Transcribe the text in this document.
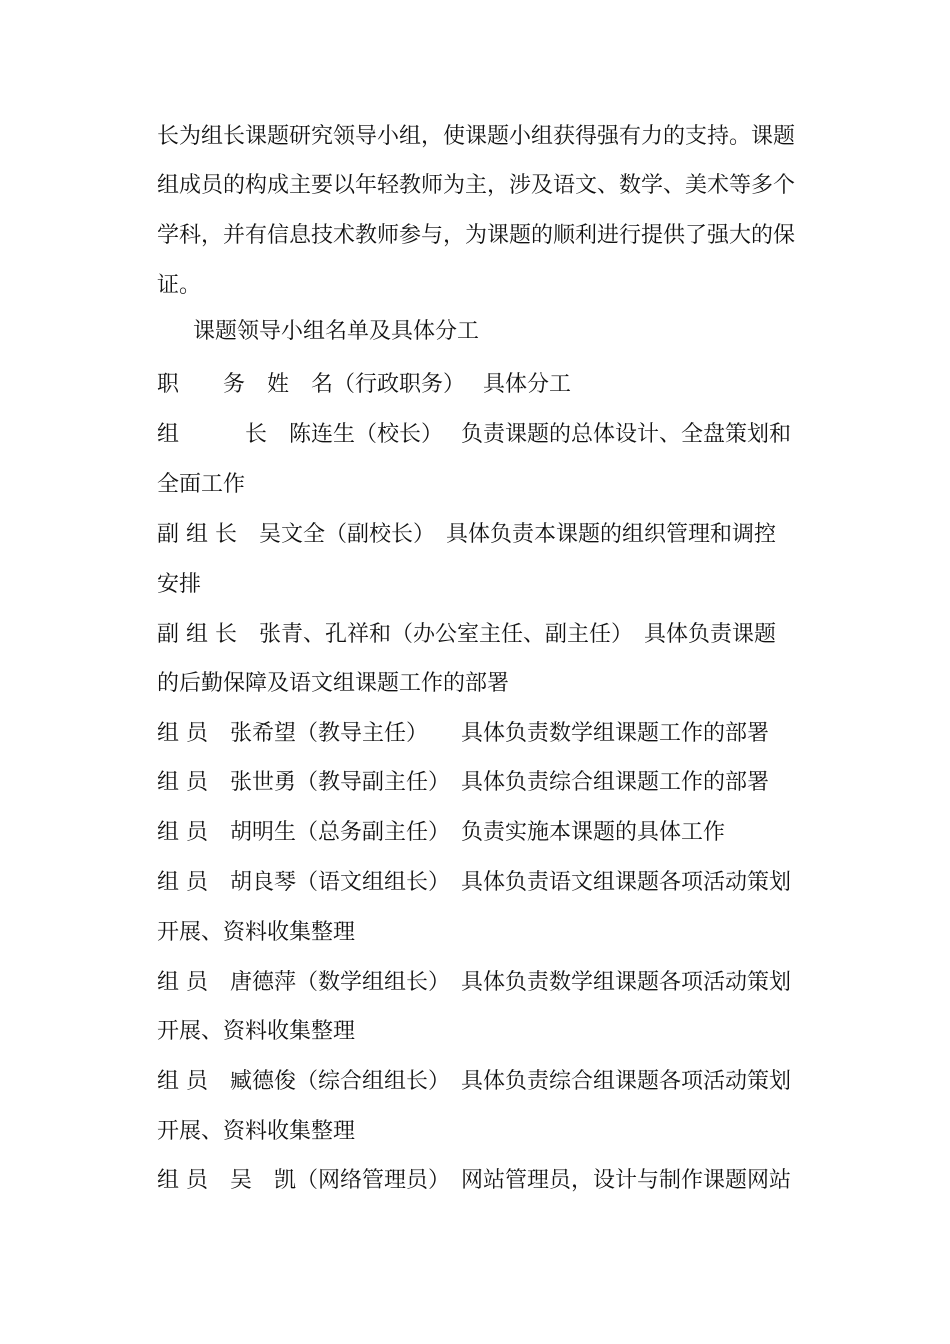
长为组长课题研究领导小组，使课题小组获得强有力的支持。课题
组成员的构成主要以年轻教师为主，涉及语文、数学、美术等多个
学科，并有信息技术教师参与，为课题的顺利进行提供了强大的保
证。
课题领导小组名单及具体分工
职　　务　姓　名（行政职务）　 具体分工
组　　　长　陈连生（校长）　 负责课题的总体设计、全盘策划和
全面工作
副 组 长　吴文全（副校长）　具体负责本课题的组织管理和调控
安排
副 组 长　张青、孔祥和（办公室主任、副主任）　具体负责课题
的后勤保障及语文组课题工作的部署
组 员　张希望（教导主任）　　具体负责数学组课题工作的部署
组 员　张世勇（教导副主任）　具体负责综合组课题工作的部署
组 员　胡明生（总务副主任）　负责实施本课题的具体工作
组 员　胡良琴（语文组组长）　具体负责语文组课题各项活动策划
开展、资料收集整理
组 员　唐德萍（数学组组长）　具体负责数学组课题各项活动策划
开展、资料收集整理
组 员　臧德俊（综合组组长）　具体负责综合组课题各项活动策划
开展、资料收集整理
组 员　吴　凯（网络管理员）　网站管理员，设计与制作课题网站
